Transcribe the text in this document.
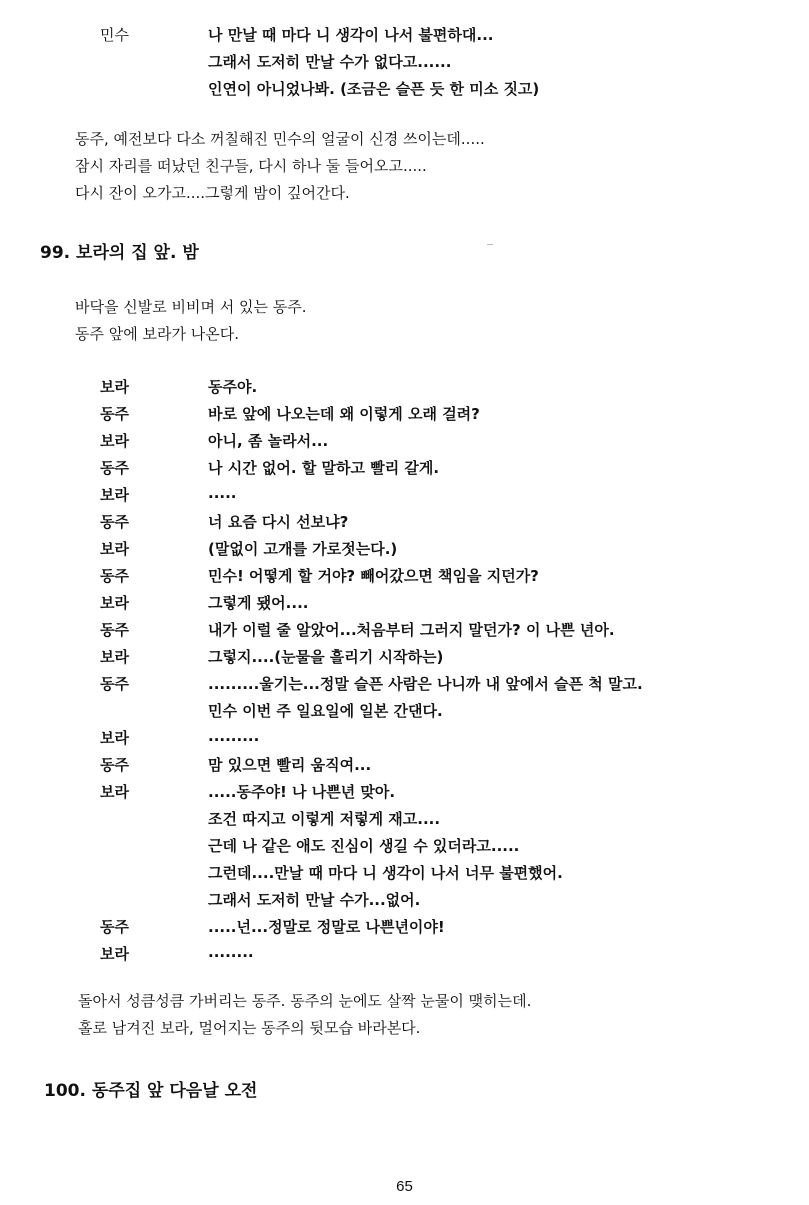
민수	나 만날 때 마다 니 생각이 나서 불편하대...
그래서 도저히 만날 수가 없다고......
인연이 아니었나봐. (조금은 슬픈 듯 한 미소 짓고)
동주, 예전보다 다소 꺼칠해진 민수의 얼굴이 신경 쓰이는데.....
잠시 자리를 떠났던 친구들, 다시 하나 둘 들어오고.....
다시 잔이 오가고....그렇게 밤이 깊어간다.
99. 보라의 집 앞. 밤
바닥을 신발로 비비며 서 있는 동주.
동주 앞에 보라가 나온다.
보라	동주야.
동주	바로 앞에 나오는데 왜 이렇게 오래 걸려?
보라	아니, 좀 놀라서...
동주	나 시간 없어. 할 말하고 빨리 갈게.
보라	.....
동주	너 요즘 다시 선보냐?
보라	(말없이 고개를 가로젓는다.)
동주	민수! 어떻게 할 거야? 빼어갔으면 책임을 지던가?
보라	그렇게 됐어....
동주	내가 이럴 줄 알았어...처음부터 그러지 말던가? 이 나쁜 년아.
보라	그렇지....(눈물을 흘리기 시작하는)
동주	.........울기는...정말 슬픈 사람은 나니까 내 앞에서 슬픈 척 말고.
민수 이번 주 일요일에 일본 간댄다.
보라	.........
동주	맘 있으면 빨리 움직여...
보라	.....동주야! 나 나쁜년 맞아.
조건 따지고 이렇게 저렇게 재고....
근데 나 같은 애도 진심이 생길 수 있더라고.....
그런데....만날 때 마다 니 생각이 나서 너무 불편했어.
그래서 도저히 만날 수가...없어.
동주	.....넌...정말로 정말로 나쁜년이야!
보라	........
돌아서 성큼성큼 가버리는 동주. 동주의 눈에도 살짝 눈물이 맺히는데.
홀로 남겨진 보라, 멀어지는 동주의 뒷모습 바라본다.
100. 동주집 앞 다음날 오전
65
